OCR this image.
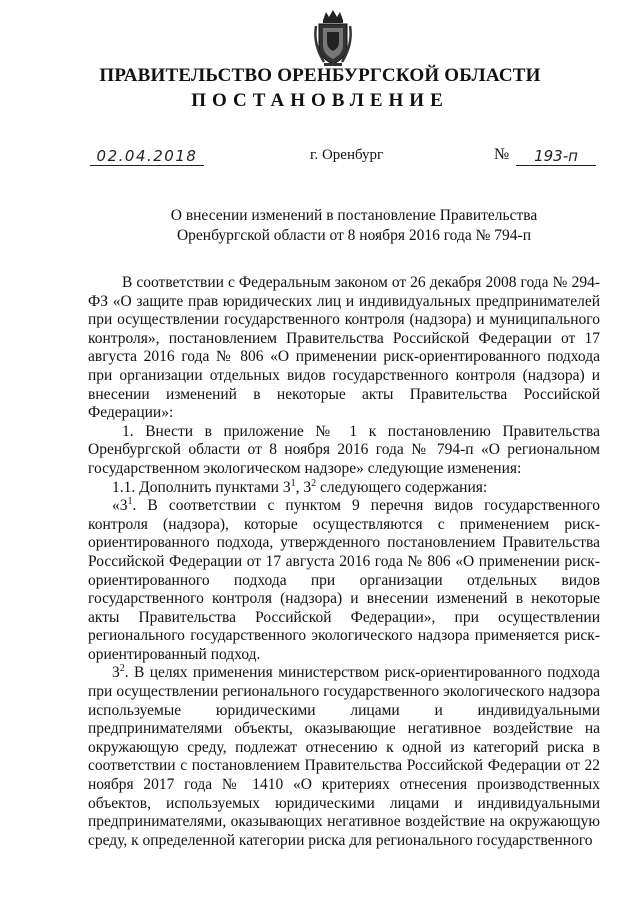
ПРАВИТЕЛЬСТВО ОРЕНБУРГСКОЙ ОБЛАСТИ
ПОСТАНОВЛЕНИЕ
02.04.2018	г. Оренбург	№	193-п
О внесении изменений в постановление Правительства
Оренбургской области от 8 ноября 2016 года № 794-п

В соответствии с Федеральным законом от 26 декабря 2008 года № 294-ФЗ «О защите прав юридических лиц и индивидуальных предпринимателей при осуществлении государственного контроля (надзора) и муниципального контроля», постановлением Правительства Российской Федерации от 17 августа 2016 года № 806 «О применении риск-ориентированного подхода при организации отдельных видов государственного контроля (надзора) и внесении изменений в некоторые акты Правительства Российской Федерации»:

1. Внести в приложение № 1 к постановлению Правительства Оренбургской области от 8 ноября 2016 года № 794-п «О региональном государственном экологическом надзоре» следующие изменения:

1.1. Дополнить пунктами $3^1$, $3^2$ следующего содержания:

«$3^1$. В соответствии с пунктом 9 перечня видов государственного контроля (надзора), которые осуществляются с применением риск-ориентированного подхода, утвержденного постановлением Правительства Российской Федерации от 17 августа 2016 года № 806 «О применении риск-ориентированного подхода при организации отдельных видов государственного контроля (надзора) и внесении изменений в некоторые акты Правительства Российской Федерации», при осуществлении регионального государственного экологического надзора применяется риск-ориентированный подход.

$3^2$. В целях применения министерством риск-ориентированного подхода при осуществлении регионального государственного экологического надзора используемые юридическими лицами и индивидуальными предпринимателями объекты, оказывающие негативное воздействие на окружающую среду, подлежат отнесению к одной из категорий риска в соответствии с постановлением Правительства Российской Федерации от 22 ноября 2017 года № 1410 «О критериях отнесения производственных объектов, используемых юридическими лицами и индивидуальными предпринимателями, оказывающих негативное воздействие на окружающую среду, к определенной категории риска для регионального государственного
